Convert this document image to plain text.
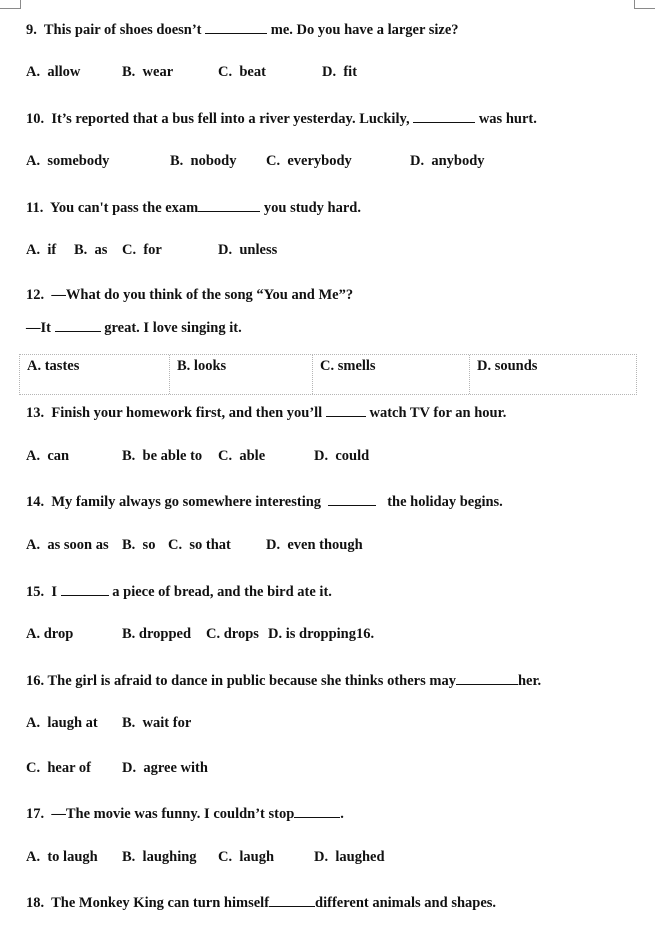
9.  This pair of shoes doesn’t	me. Do you have a larger size?
A.  allow	B.  wear	C.  beat	D.  fit
10.  It’s reported that a bus fell into a river yesterday. Luckily,	was hurt.
A.  somebody	B.  nobody C.  everybody	D.  anybody
11.  You can't pass the exam	you study hard.
A.  if B.  as C.  for	D.  unless
12.  —What do you think of the song “You and Me”?
—It	great. I love singing it.
A. tastes	B. looks	C. smells	D. sounds
13.  Finish your homework first, and then you’ll	watch TV for an hour.
A.  can	B.  be able to C.  able	D.  could
14.  My family always go somewhere interesting	the holiday begins.
A.  as soon as B.  so C.  so that D.  even though
15.  I	a piece of bread, and the bird ate it.
A. drop	B. dropped C. drops D. is dropping16.
16. The girl is afraid to dance in public because she thinks others may	her.
A.  laugh at B.  wait for
C.  hear of D.  agree with
17.  —The movie was funny. I couldn’t stop	.
A.  to laugh B.  laughing C.  laugh	D.  laughed
18.  The Monkey King can turn himself	different animals and shapes.
